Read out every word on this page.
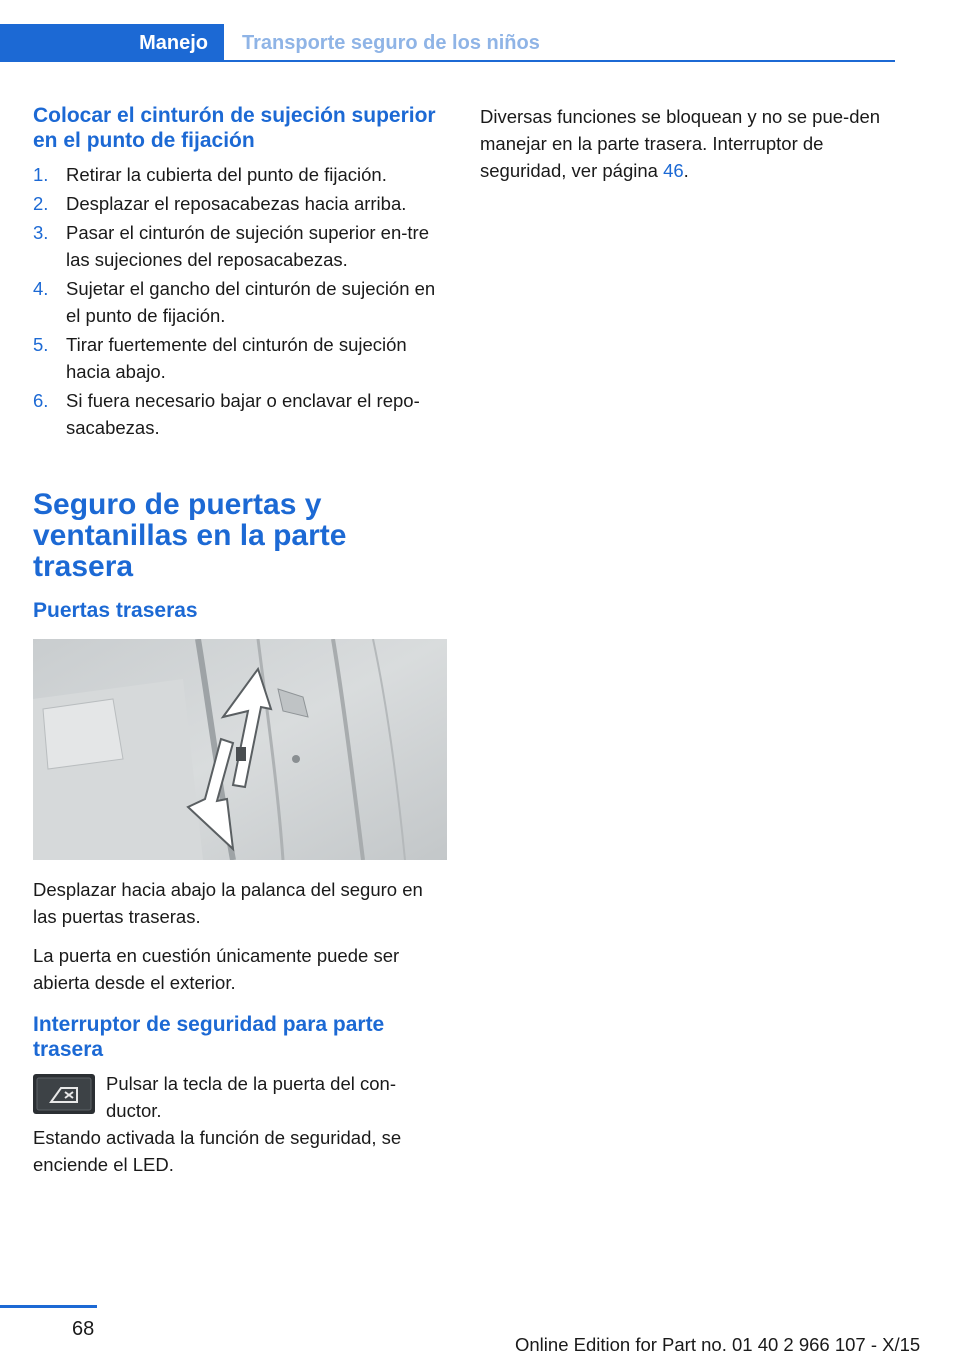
Manejo Transporte seguro de los niños
Colocar el cinturón de sujeción superior en el punto de fijación
1. Retirar la cubierta del punto de fijación.
2. Desplazar el reposacabezas hacia arriba.
3. Pasar el cinturón de sujeción superior en-tre las sujeciones del reposacabezas.
4. Sujetar el gancho del cinturón de sujeción en el punto de fijación.
5. Tirar fuertemente del cinturón de sujeción hacia abajo.
6. Si fuera necesario bajar o enclavar el repo-sacabezas.
Seguro de puertas y ventanillas en la parte trasera
Puertas traseras

Desplazar hacia abajo la palanca del seguro en las puertas traseras.

La puerta en cuestión únicamente puede ser abierta desde el exterior.

Interruptor de seguridad para parte trasera
Pulsar la tecla de la puerta del con-ductor.

Estando activada la función de seguridad, se enciende el LED.

Diversas funciones se bloquean y no se pue-den manejar en la parte trasera. Interruptor de seguridad, ver página 46.

68
Online Edition for Part no. 01 40 2 966 107 - X/15
